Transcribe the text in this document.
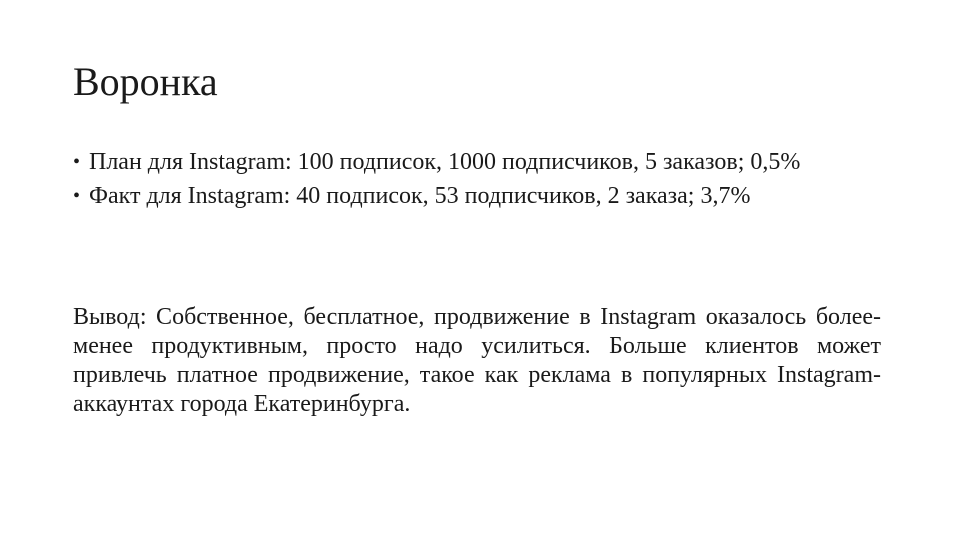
Воронка
• План для Instagram: 100 подписок, 1000 подписчиков, 5 заказов; 0,5%
• Факт для Instagram: 40 подписок, 53 подписчиков, 2 заказа; 3,7%

Вывод: Собственное, бесплатное, продвижение в Instagram оказалось более-менее продуктивным, просто надо усилиться. Больше клиентов может привлечь платное продвижение, такое как реклама в популярных Instagram-аккаунтах города Екатеринбурга.
